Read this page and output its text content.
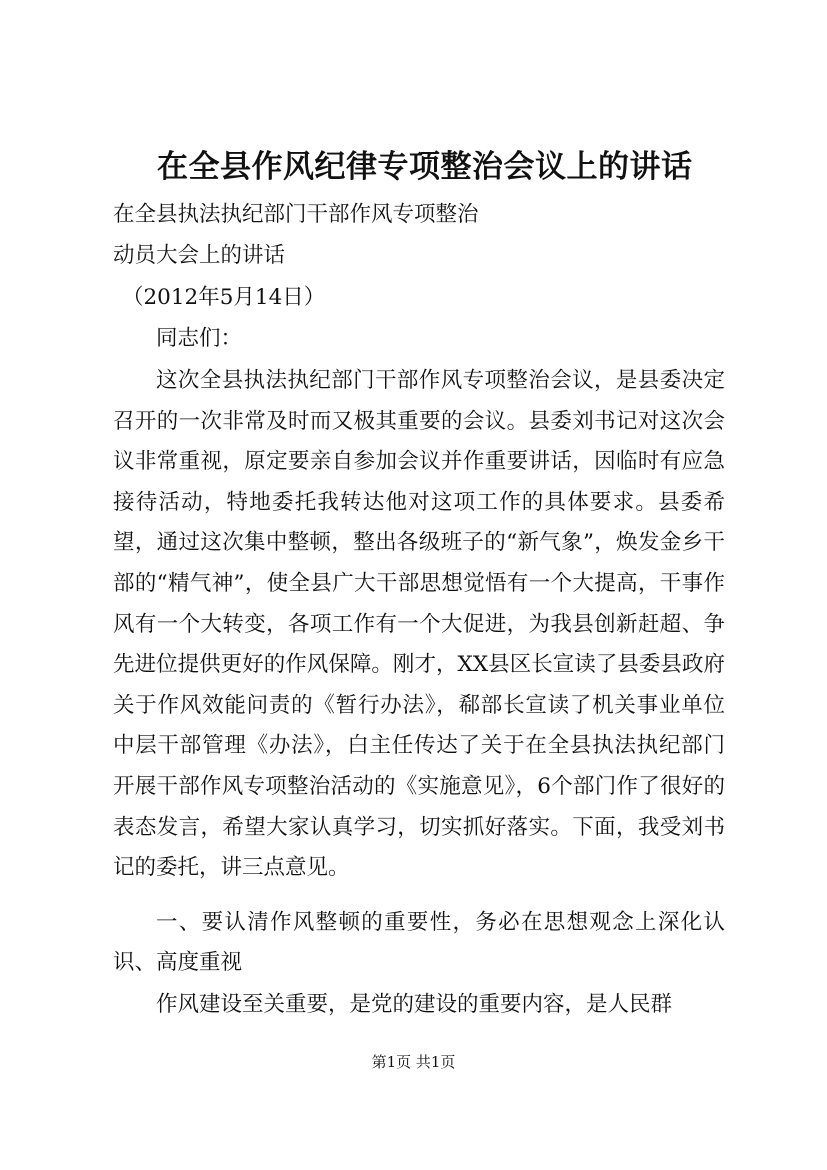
在全县作风纪律专项整治会议上的讲话
在全县执法执纪部门干部作风专项整治
动员大会上的讲话
（2012年5月14日）
同志们：
这次全县执法执纪部门干部作风专项整治会议，是县委决定召开的一次非常及时而又极其重要的会议。县委刘书记对这次会议非常重视，原定要亲自参加会议并作重要讲话，因临时有应急接待活动，特地委托我转达他对这项工作的具体要求。县委希望，通过这次集中整顿，整出各级班子的“新气象”，焕发金乡干部的“精气神”，使全县广大干部思想觉悟有一个大提高，干事作风有一个大转变，各项工作有一个大促进，为我县创新赶超、争先进位提供更好的作风保障。刚才，XX县区长宣读了县委县政府关于作风效能问责的《暂行办法》，郗部长宣读了机关事业单位中层干部管理《办法》，白主任传达了关于在全县执法执纪部门开展干部作风专项整治活动的《实施意见》，6个部门作了很好的表态发言，希望大家认真学习，切实抓好落实。下面，我受刘书记的委托，讲三点意见。
一、要认清作风整顿的重要性，务必在思想观念上深化认识、高度重视
作风建设至关重要，是党的建设的重要内容，是人民群
第1页 共1页
